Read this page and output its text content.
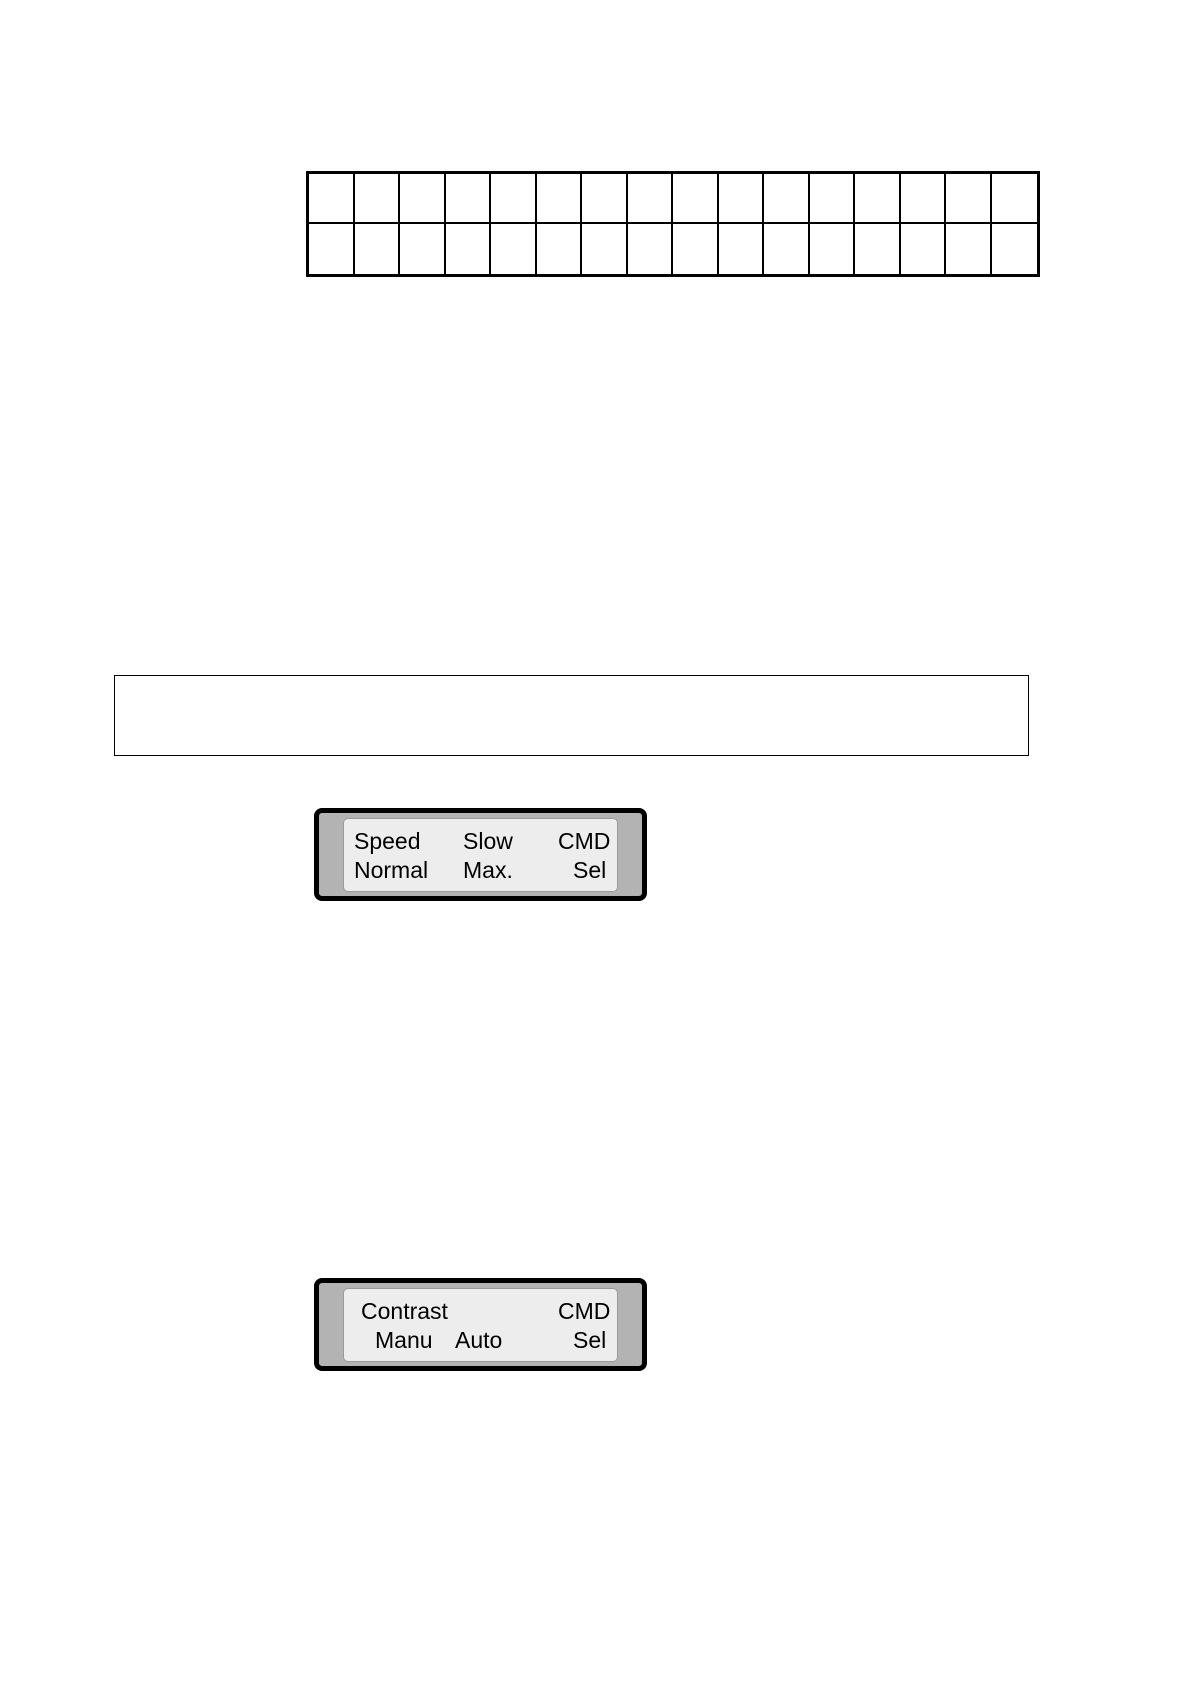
Speed Slow CMD
Normal Max.	Sel
Contrast	CMD
Manu Auto	Sel
